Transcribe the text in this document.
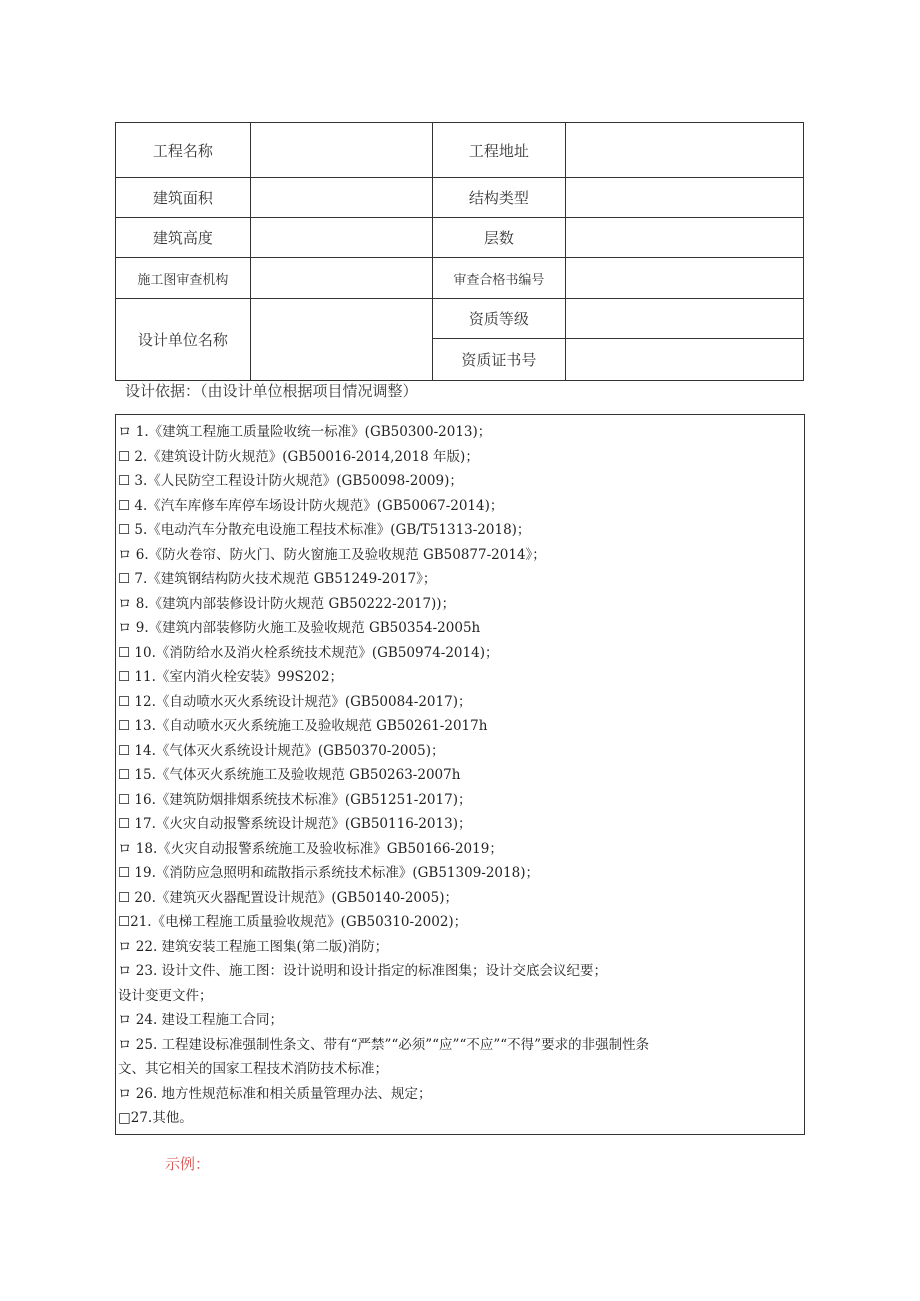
工程名称		工程地址	
建筑面积		结构类型	
建筑高度		层数	
施工图审查机构		审查合格书编号	
设计单位名称		资质等级	
		资质证书号	
设计依据：（由设计单位根据项目情况调整）
ロ 1.《建筑工程施工质量险收统一标准》(GB50300-2013)；
☐ 2.《建筑设计防火规范》(GB50016-2014,2018 年版)；
☐ 3.《人民防空工程设计防火规范》(GB50098-2009)；
☐ 4.《汽车库修车库停车场设计防火规范》(GB50067-2014)；
☐ 5.《电动汽车分散充电设施工程技术标准》(GB/T51313-2018)；
ロ 6.《防火卷帘、防火门、防火窗施工及验收规范 GB50877-2014》；
☐ 7.《建筑钢结构防火技术规范 GB51249-2017》；
ロ 8.《建筑内部装修设计防火规范 GB50222-2017))；
ロ 9.《建筑内部装修防火施工及验收规范 GB50354-2005h
☐ 10.《消防给水及消火栓系统技术规范》(GB50974-2014)；
☐ 11.《室内消火栓安装》99S202；
☐ 12.《自动喷水灭火系统设计规范》(GB50084-2017)；
☐ 13.《自动喷水灭火系统施工及验收规范 GB50261-2017h
☐ 14.《气体灭火系统设计规范》(GB50370-2005)；
☐ 15.《气体灭火系统施工及验收规范 GB50263-2007h
☐ 16.《建筑防烟排烟系统技术标准》(GB51251-2017)；
☐ 17.《火灾自动报警系统设计规范》(GB50116-2013)；
ロ 18.《火灾自动报警系统施工及验收标准》GB50166-2019；
☐ 19.《消防应急照明和疏散指示系统技术标准》(GB51309-2018)；
☐ 20.《建筑灭火器配置设计规范》(GB50140-2005)；
☐21.《电梯工程施工质量验收规范》(GB50310-2002)；
ロ 22. 建筑安装工程施工图集(第二版)消防；
ロ 23. 设计文件、施工图：设计说明和设计指定的标准图集；设计交底会议纪要；
设计变更文件；
ロ 24. 建设工程施工合同；
ロ 25. 工程建设标准强制性条文、带有“严禁”“必须”“应”“不应”“不得”要求的非强制性条
文、其它相关的国家工程技术消防技术标准；
ロ 26. 地方性规范标准和相关质量管理办法、规定；
□27.其他。
示例：
